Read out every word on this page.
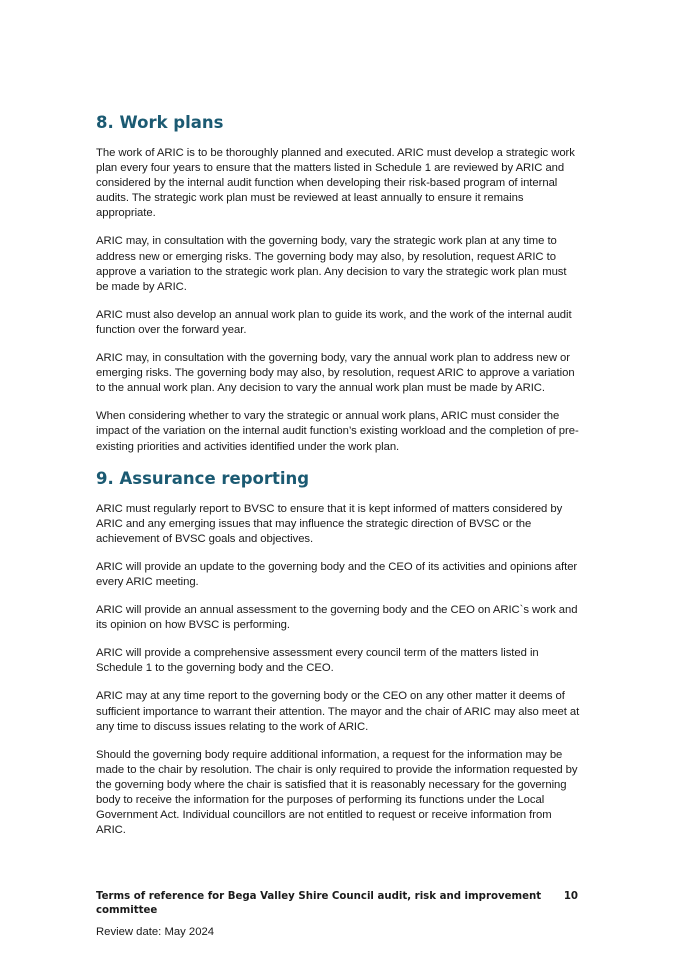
8. Work plans

The work of ARIC is to be thoroughly planned and executed. ARIC must develop a strategic work plan every four years to ensure that the matters listed in Schedule 1 are reviewed by ARIC and considered by the internal audit function when developing their risk-based program of internal audits. The strategic work plan must be reviewed at least annually to ensure it remains appropriate.

ARIC may, in consultation with the governing body, vary the strategic work plan at any time to address new or emerging risks. The governing body may also, by resolution, request ARIC to approve a variation to the strategic work plan. Any decision to vary the strategic work plan must be made by ARIC.

ARIC must also develop an annual work plan to guide its work, and the work of the internal audit function over the forward year.

ARIC may, in consultation with the governing body, vary the annual work plan to address new or emerging risks. The governing body may also, by resolution, request ARIC to approve a variation to the annual work plan. Any decision to vary the annual work plan must be made by ARIC.

When considering whether to vary the strategic or annual work plans, ARIC must consider the impact of the variation on the internal audit function’s existing workload and the completion of pre-existing priorities and activities identified under the work plan.

9. Assurance reporting

ARIC must regularly report to BVSC to ensure that it is kept informed of matters considered by ARIC and any emerging issues that may influence the strategic direction of BVSC or the achievement of BVSC goals and objectives.

ARIC will provide an update to the governing body and the CEO of its activities and opinions after every ARIC meeting.

ARIC will provide an annual assessment to the governing body and the CEO on ARIC`s work and its opinion on how BVSC is performing.

ARIC will provide a comprehensive assessment every council term of the matters listed in Schedule 1 to the governing body and the CEO.

ARIC may at any time report to the governing body or the CEO on any other matter it deems of sufficient importance to warrant their attention. The mayor and the chair of ARIC may also meet at any time to discuss issues relating to the work of ARIC.

Should the governing body require additional information, a request for the information may be made to the chair by resolution. The chair is only required to provide the information requested by the governing body where the chair is satisfied that it is reasonably necessary for the governing body to receive the information for the purposes of performing its functions under the Local Government Act. Individual councillors are not entitled to request or receive information from ARIC.

Terms of reference for Bega Valley Shire Council audit, risk and improvement committee
10
Review date: May 2024
